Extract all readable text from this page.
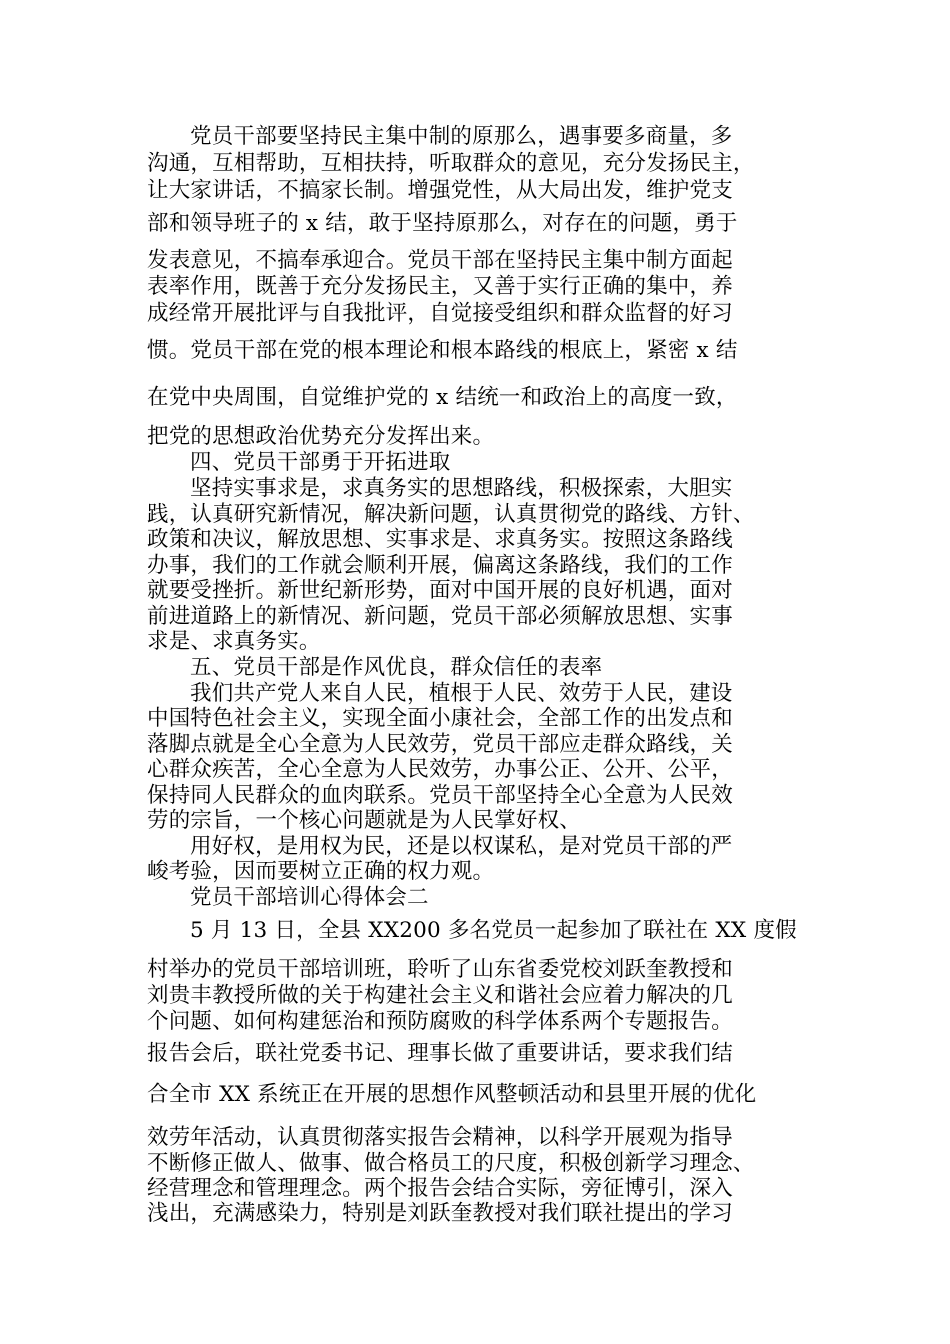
党员干部要坚持民主集中制的原那么，遇事要多商量，多
沟通，互相帮助，互相扶持，听取群众的意见，充分发扬民主，
让大家讲话，不搞家长制。增强党性，从大局出发，维护党支
部和领导班子的 x 结，敢于坚持原那么，对存在的问题，勇于
发表意见，不搞奉承迎合。党员干部在坚持民主集中制方面起
表率作用，既善于充分发扬民主，又善于实行正确的集中，养
成经常开展批评与自我批评，自觉接受组织和群众监督的好习
惯。党员干部在党的根本理论和根本路线的根底上，紧密 x 结
在党中央周围，自觉维护党的 x 结统一和政治上的高度一致，
把党的思想政治优势充分发挥出来。
四、党员干部勇于开拓进取
坚持实事求是，求真务实的思想路线，积极探索，大胆实
践，认真研究新情况，解决新问题，认真贯彻党的路线、方针、
政策和决议，解放思想、实事求是、求真务实。按照这条路线
办事，我们的工作就会顺利开展，偏离这条路线，我们的工作
就要受挫折。新世纪新形势，面对中国开展的良好机遇，面对
前进道路上的新情况、新问题，党员干部必须解放思想、实事
求是、求真务实。
五、党员干部是作风优良，群众信任的表率
我们共产党人来自人民，植根于人民、效劳于人民，建设
中国特色社会主义，实现全面小康社会，全部工作的出发点和
落脚点就是全心全意为人民效劳，党员干部应走群众路线，关
心群众疾苦，全心全意为人民效劳，办事公正、公开、公平，
保持同人民群众的血肉联系。党员干部坚持全心全意为人民效
劳的宗旨，一个核心问题就是为人民掌好权、
用好权，是用权为民，还是以权谋私，是对党员干部的严
峻考验，因而要树立正确的权力观。
党员干部培训心得体会二
5 月 13 日，全县 XX200 多名党员一起参加了联社在 XX 度假
村举办的党员干部培训班，聆听了山东省委党校刘跃奎教授和
刘贵丰教授所做的关于构建社会主义和谐社会应着力解决的几
个问题、如何构建惩治和预防腐败的科学体系两个专题报告。
报告会后，联社党委书记、理事长做了重要讲话，要求我们结
合全市 XX 系统正在开展的思想作风整顿活动和县里开展的优化
效劳年活动，认真贯彻落实报告会精神，以科学开展观为指导
不断修正做人、做事、做合格员工的尺度，积极创新学习理念、
经营理念和管理理念。两个报告会结合实际，旁征博引，深入
浅出，充满感染力，特别是刘跃奎教授对我们联社提出的学习
